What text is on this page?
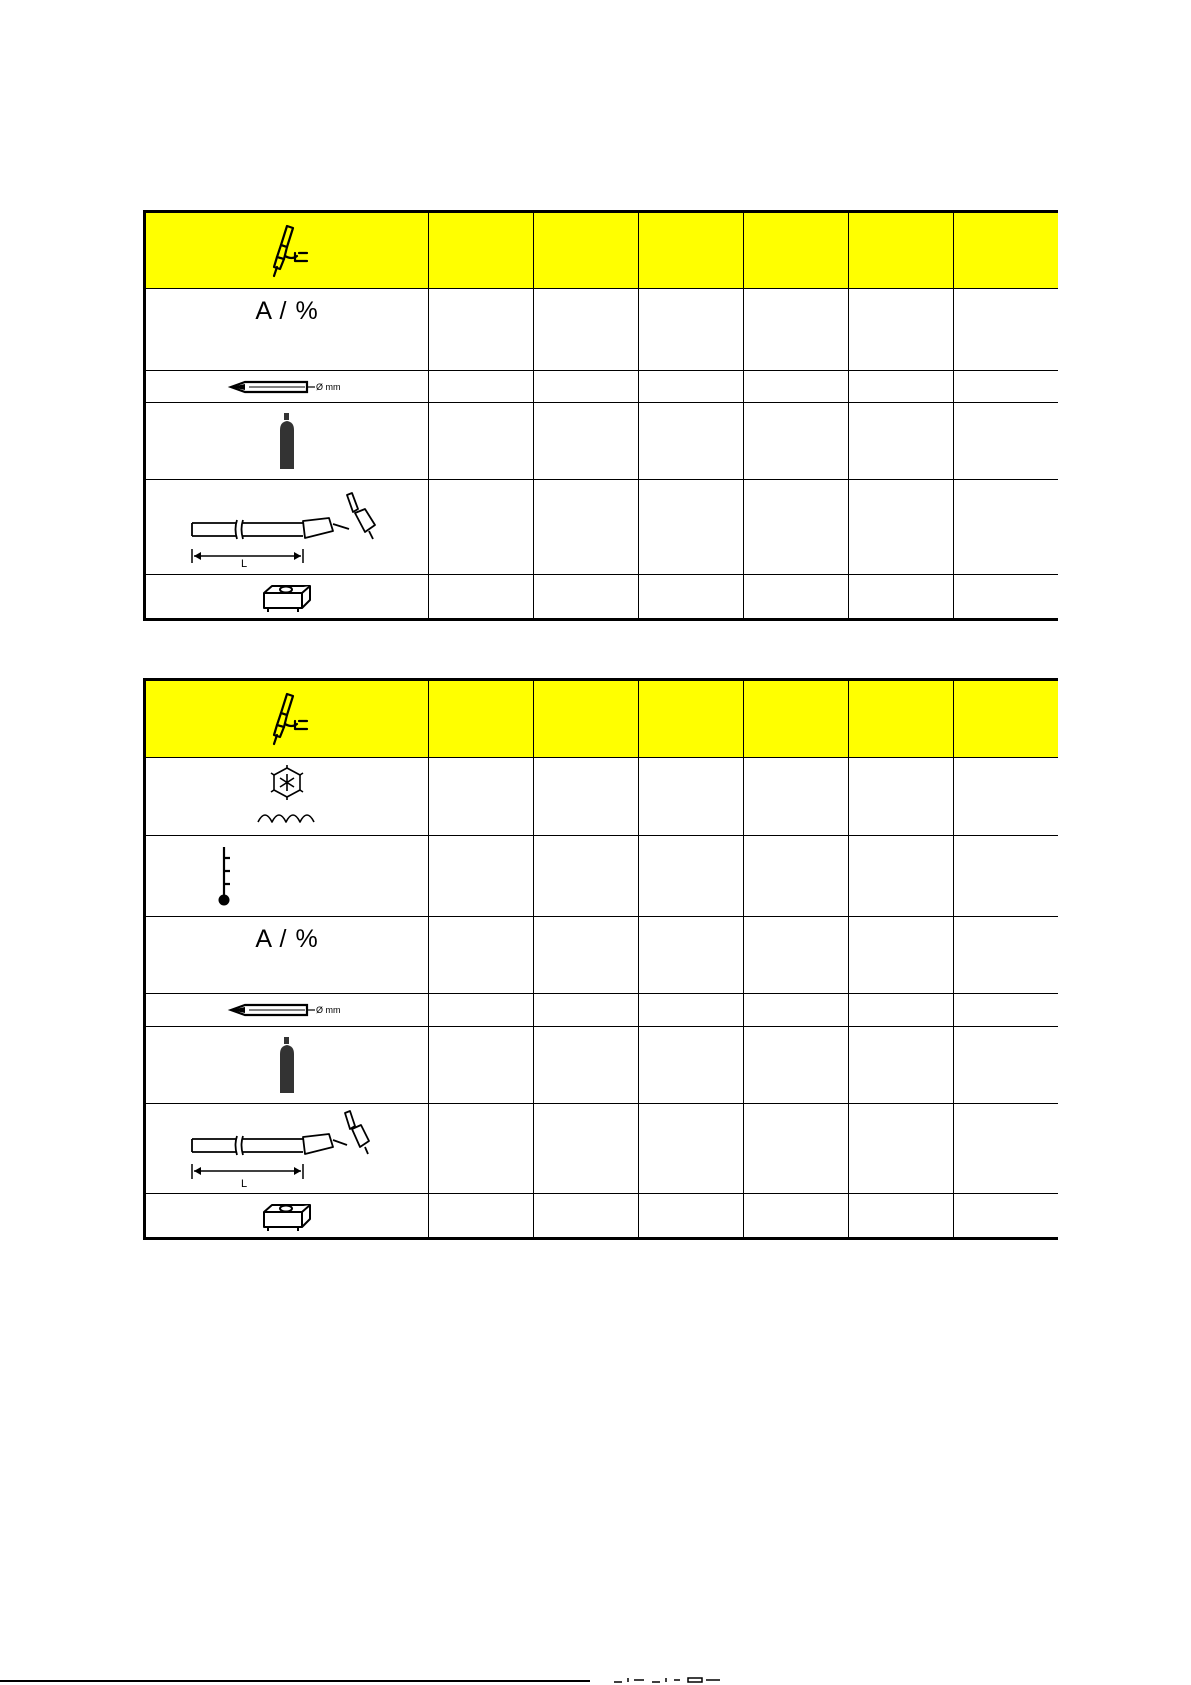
A / %						

Ø mm						

L						

A / %						

Ø mm						

L						
